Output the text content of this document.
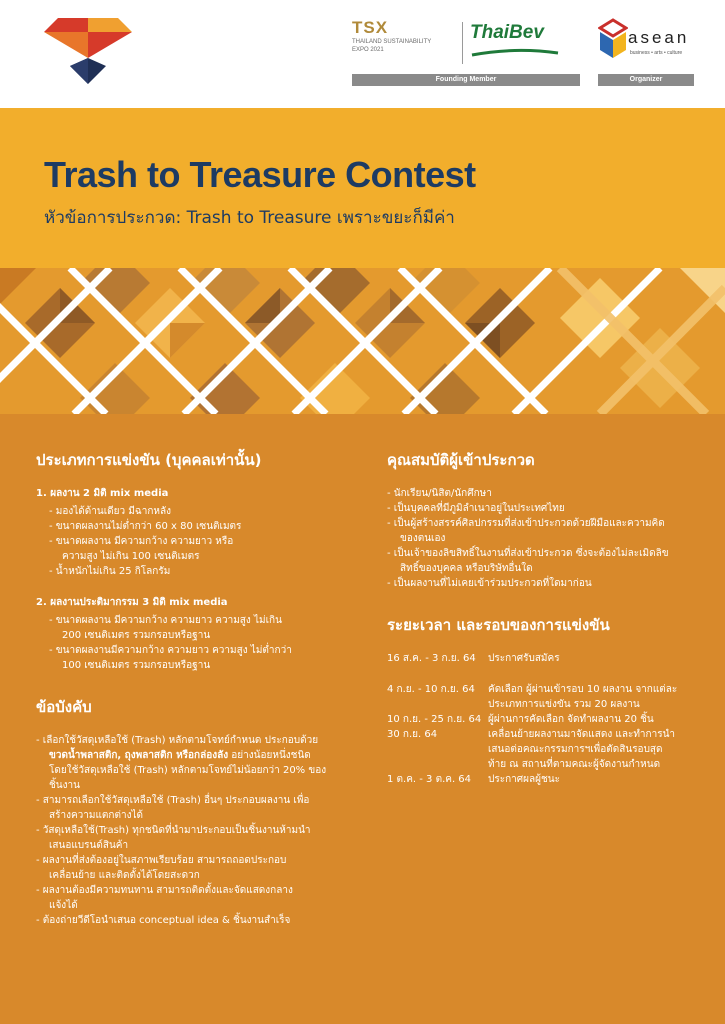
TSX
THAILAND SUSTAINABILITY
EXPO 2021
ThaiBev	asean
business • arts • culture
Founding Member	Organizer
Trash to Treasure Contest
หัวข้อการประกวด: Trash to Treasure เพราะขยะก็มีค่า
ประเภทการแข่งขัน (บุคคลเท่านั้น)
1. ผลงาน 2 มิติ mix media
- มองได้ด้านเดียว มีฉากหลัง
- ขนาดผลงานไม่ต่ำกว่า 60 x 80 เซนติเมตร
- ขนาดผลงาน มีความกว้าง ความยาว หรือ
ความสูง ไม่เกิน 100 เซนติเมตร
- น้ำหนักไม่เกิน 25 กิโลกรัม
2. ผลงานประติมากรรม 3 มิติ mix media
- ขนาดผลงาน มีความกว้าง ความยาว ความสูง ไม่เกิน
200 เซนติเมตร รวมกรอบหรือฐาน
- ขนาดผลงานมีความกว้าง ความยาว ความสูง ไม่ต่ำกว่า
100 เซนติเมตร รวมกรอบหรือฐาน
ข้อบังคับ
- เลือกใช้วัสดุเหลือใช้ (Trash) หลักตามโจทย์กำหนด ประกอบด้วย
ขวดน้ำพลาสติก, ถุงพลาสติก หรือกล่องลัง อย่างน้อยหนึ่งชนิด
โดยใช้วัสดุเหลือใช้ (Trash) หลักตามโจทย์ไม่น้อยกว่า 20% ของ
ชิ้นงาน
- สามารถเลือกใช้วัสดุเหลือใช้ (Trash) อื่นๆ ประกอบผลงาน เพื่อ
สร้างความแตกต่างได้
- วัสดุเหลือใช้(Trash) ทุกชนิดที่นำมาประกอบเป็นชิ้นงานห้ามนำ
เสนอแบรนด์สินค้า
- ผลงานที่ส่งต้องอยู่ในสภาพเรียบร้อย สามารถถอดประกอบ
เคลื่อนย้าย และติดตั้งได้โดยสะดวก
- ผลงานต้องมีความทนทาน สามารถติดตั้งและจัดแสดงกลาง
แจ้งได้
- ต้องถ่ายวีดีโอนำเสนอ conceptual idea & ชิ้นงานสำเร็จ
คุณสมบัติผู้เข้าประกวด
- นักเรียน/นิสิต/นักศึกษา
- เป็นบุคคลที่มีภูมิลำเนาอยู่ในประเทศไทย
- เป็นผู้สร้างสรรค์ศิลปกรรมที่ส่งเข้าประกวดด้วยฝีมือและความคิด
ของตนเอง
- เป็นเจ้าของลิขสิทธิ์ในงานที่ส่งเข้าประกวด ซึ่งจะต้องไม่ละเมิดลิข
สิทธิ์ของบุคคล หรือบริษัทอื่นใด
- เป็นผลงานที่ไม่เคยเข้าร่วมประกวดที่ใดมาก่อน
ระยะเวลา และรอบของการแข่งขัน
16 ส.ค. - 3 ก.ย. 64	ประกาศรับสมัคร
4 ก.ย. - 10 ก.ย. 64	คัดเลือก ผู้ผ่านเข้ารอบ 10 ผลงาน จากแต่ละ
ประเภทการแข่งขัน รวม 20 ผลงาน
10 ก.ย. - 25 ก.ย. 64 ผู้ผ่านการคัดเลือก จัดทำผลงาน 20 ชิ้น
30 ก.ย. 64	เคลื่อนย้ายผลงานมาจัดแสดง และทำการนำ
เสนอต่อคณะกรรมการฯเพื่อตัดสินรอบสุด
ท้าย ณ สถานที่ตามคณะผู้จัดงานกำหนด
1 ต.ค. - 3 ต.ค. 64	ประกาศผลผู้ชนะ
